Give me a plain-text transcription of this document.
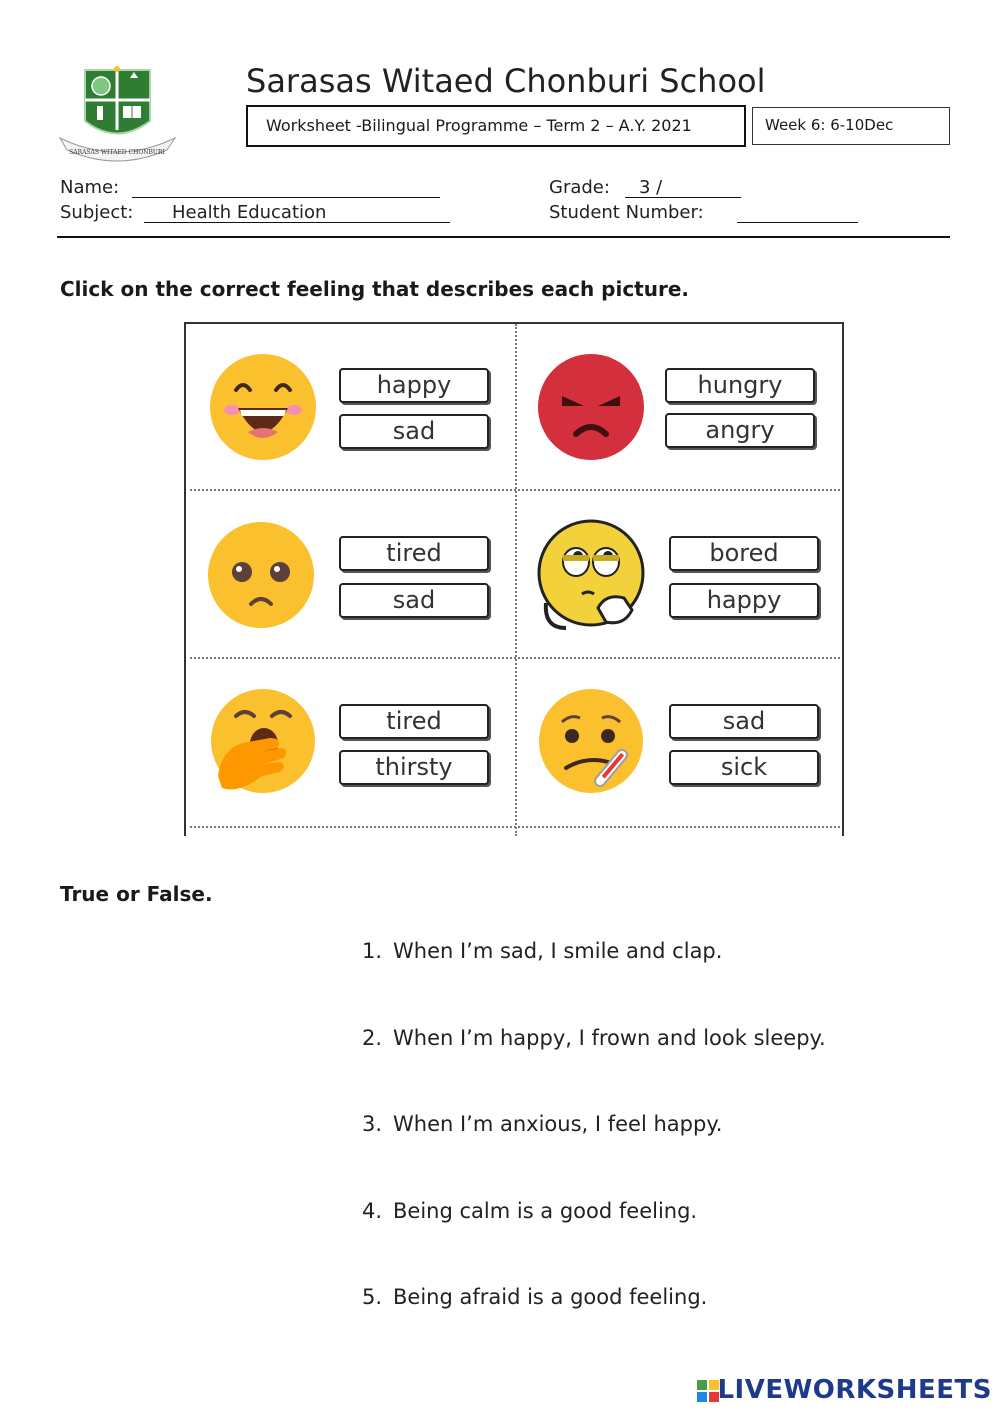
SARASAS WITAED CHONBURI
Sarasas Witaed Chonburi School
Worksheet -Bilingual Programme – Term 2 – A.Y. 2021	Week 6: 6-10Dec
Name:
Subject: Health Education
Grade: 3 /
Student Number:
Click on the correct feeling that describes each picture.
happy
sad
hungry
angry
tired
sad
bored
happy
tired
thirsty
sad
sick
True or False.
1. When I’m sad, I smile and clap.
2. When I’m happy, I frown and look sleepy.
3. When I’m anxious, I feel happy.
4. Being calm is a good feeling.
5. Being afraid is a good feeling.
LIVEWORKSHEETS
